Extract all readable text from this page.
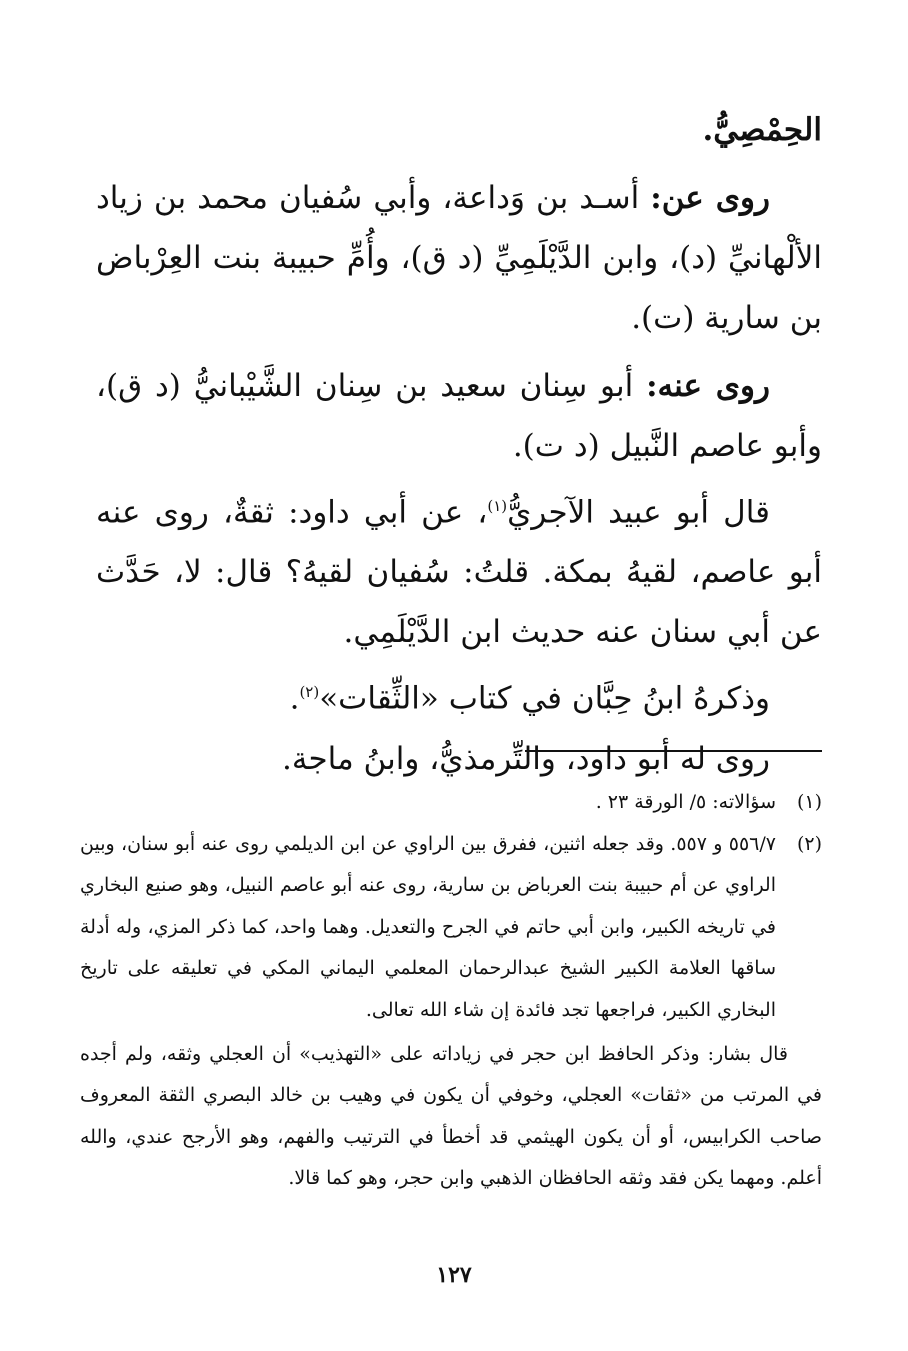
الحِمْصِيُّ.

روى عن: أسـد بن وَداعة، وأبي سُفيان محمد بن زياد الألْهانيِّ (د)، وابن الدَّيْلَمِيِّ (د ق)، وأُمِّ حبيبة بنت العِرْباض بن سارية (ت).

روى عنه: أبو سِنان سعيد بن سِنان الشَّيْبانيُّ (د ق)، وأبو عاصم النَّبيل (د ت).

قال أبو عبيد الآجريُّ$^{(١)}$، عن أبي داود: ثقةٌ، روى عنه أبو عاصم، لقيهُ بمكة. قلتُ: سُفيان لقيهُ؟ قال: لا، حَدَّث عن أبي سنان عنه حديث ابن الدَّيْلَمِي.

وذكرهُ ابنُ حِبَّان في كتاب «الثِّقات»$^{(٢)}$.

روى له أبو داود، والتِّرمذيُّ، وابنُ ماجة.

(١)
سؤالاته: ٥/ الورقة ٢٣ .

(٢)
٥٥٦/٧ و ٥٥٧. وقد جعله اثنين، ففرق بين الراوي عن ابن الديلمي روى عنه أبو سنان، وبين الراوي عن أم حبيبة بنت العرباض بن سارية، روى عنه أبو عاصم النبيل، وهو صنيع البخاري في تاريخه الكبير، وابن أبي حاتم في الجرح والتعديل. وهما واحد، كما ذكر المزي، وله أدلة ساقها العلامة الكبير الشيخ عبدالرحمان المعلمي اليماني المكي في تعليقه على تاريخ البخاري الكبير، فراجعها تجد فائدة إن شاء الله تعالى.

قال بشار: وذكر الحافظ ابن حجر في زياداته على «التهذيب» أن العجلي وثقه، ولم أجده في المرتب من «ثقات» العجلي، وخوفي أن يكون في وهيب بن خالد البصري الثقة المعروف صاحب الكرابيس، أو أن يكون الهيثمي قد أخطأ في الترتيب والفهم، وهو الأرجح عندي، والله أعلم. ومهما يكن فقد وثقه الحافظان الذهبي وابن حجر، وهو كما قالا.

١٢٧
